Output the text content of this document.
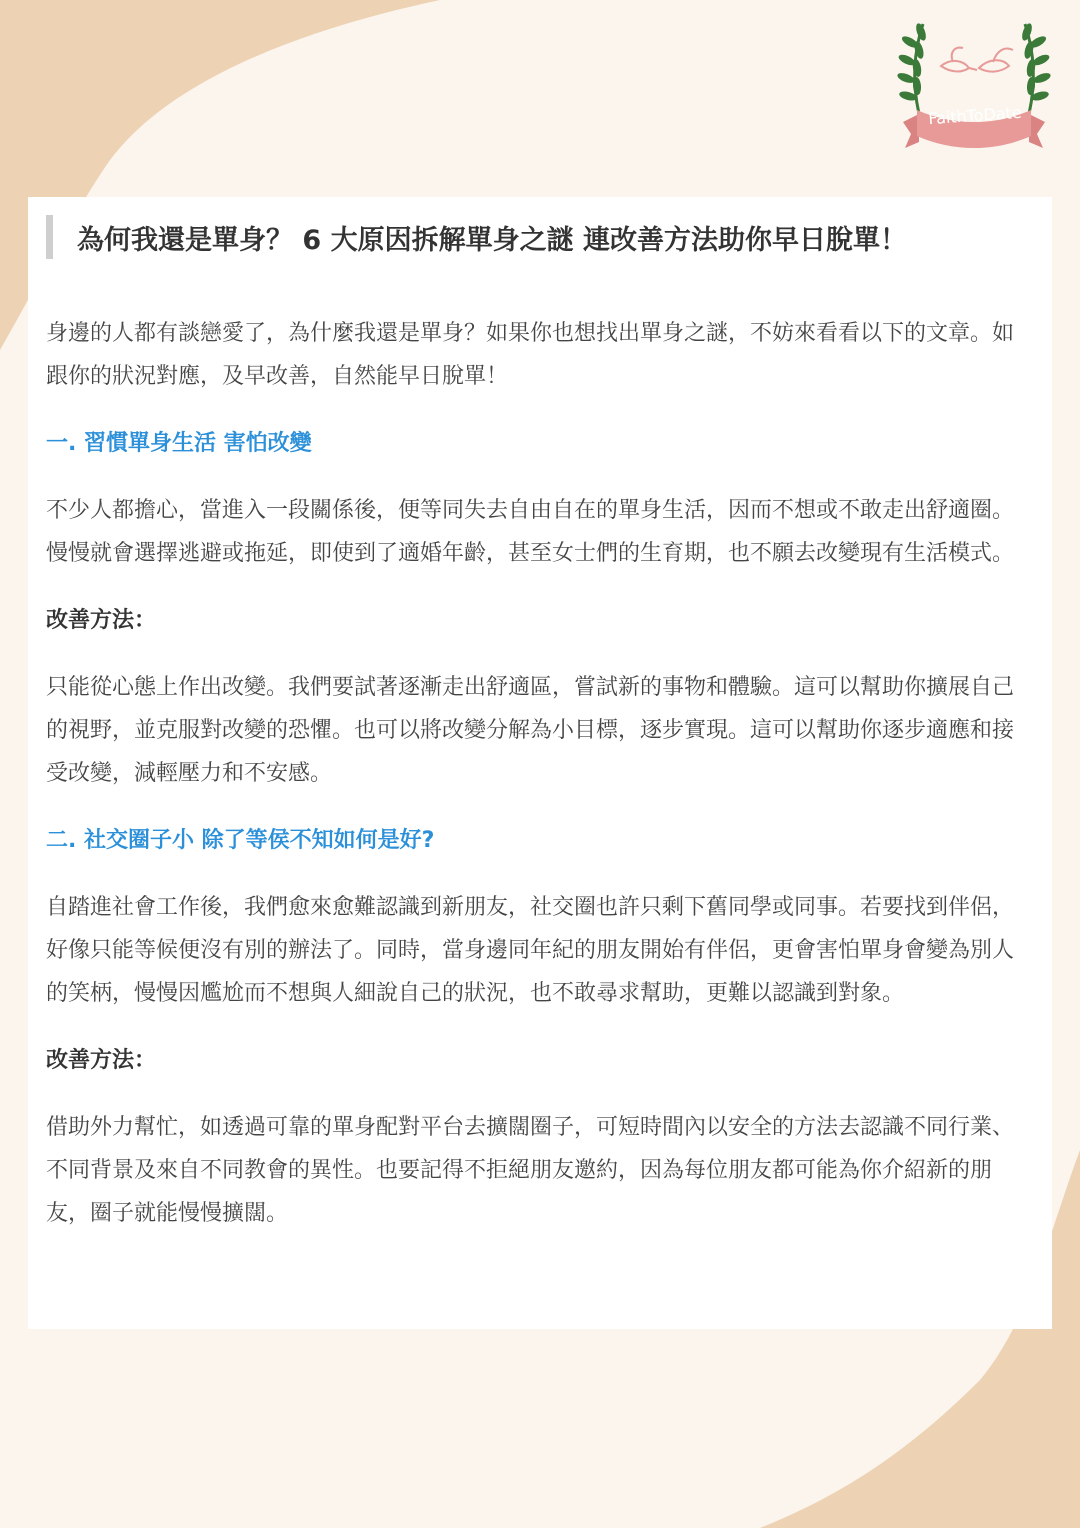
FaithToDate
為何我還是單身？ 6 大原因拆解單身之謎 連改善方法助你早日脫單！

身邊的人都有談戀愛了，為什麼我還是單身？如果你也想找出單身之謎，不妨來看看以下的文章。如跟你的狀況對應，及早改善，自然能早日脫單！

一. 習慣單身生活 害怕改變

不少人都擔心，當進入一段關係後，便等同失去自由自在的單身生活，因而不想或不敢走出舒適圈。慢慢就會選擇逃避或拖延，即使到了適婚年齡，甚至女士們的生育期，也不願去改變現有生活模式。

改善方法：

只能從心態上作出改變。我們要試著逐漸走出舒適區，嘗試新的事物和體驗。這可以幫助你擴展自己的視野，並克服對改變的恐懼。也可以將改變分解為小目標，逐步實現。這可以幫助你逐步適應和接受改變，減輕壓力和不安感。

二. 社交圈子小 除了等侯不知如何是好?

自踏進社會工作後，我們愈來愈難認識到新朋友，社交圈也許只剩下舊同學或同事。若要找到伴侶，好像只能等候便沒有別的辦法了。同時，當身邊同年紀的朋友開始有伴侶，更會害怕單身會變為別人的笑柄，慢慢因尷尬而不想與人細說自己的狀況，也不敢尋求幫助，更難以認識到對象。

改善方法：

借助外力幫忙，如透過可靠的單身配對平台去擴闊圈子，可短時間內以安全的方法去認識不同行業、不同背景及來自不同教會的異性。也要記得不拒絕朋友邀約，因為每位朋友都可能為你介紹新的朋友，圈子就能慢慢擴闊。
